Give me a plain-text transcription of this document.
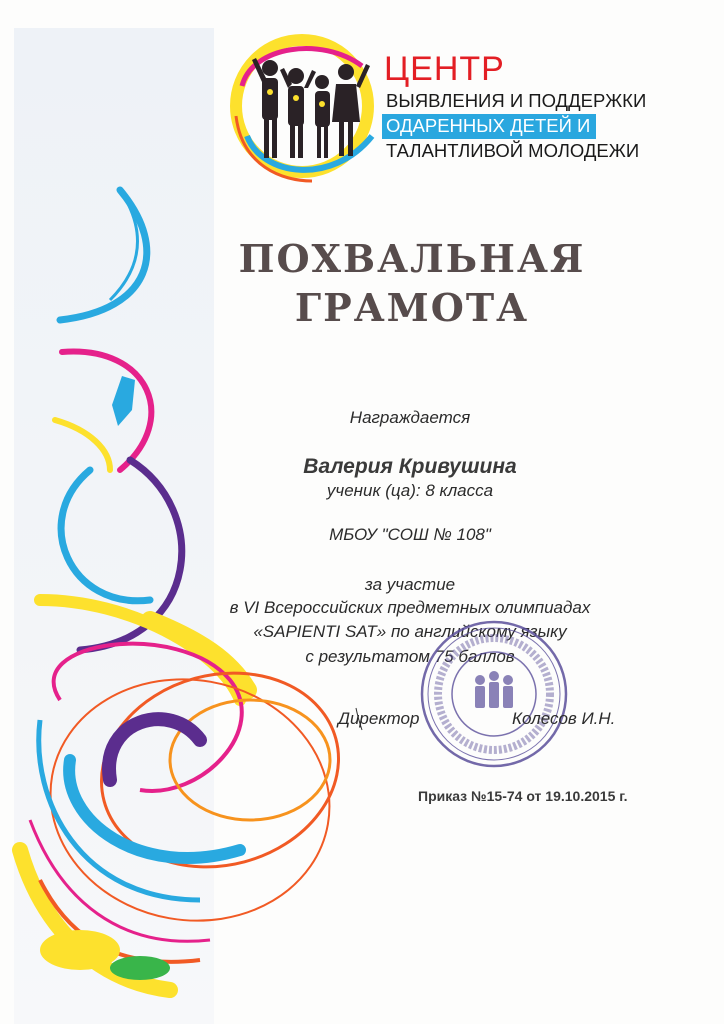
ЦЕНТР

ВЫЯВЛЕНИЯ И ПОДДЕРЖКИ

ОДАРЕННЫХ ДЕТЕЙ И

ТАЛАНТЛИВОЙ МОЛОДЕЖИ

ПОХВАЛЬНАЯ
ГРАМОТА

Награждается

Валерия Кривушина

ученик (ца): 8 класса

МБОУ "СОШ № 108"

за участие

в VI Всероссийских предметных олимпиадах

«SAPIENTI SAT» по английскому языку

с результатом 75 баллов

Директор	Колесов И.Н.

Приказ №15-74 от 19.10.2015 г.
